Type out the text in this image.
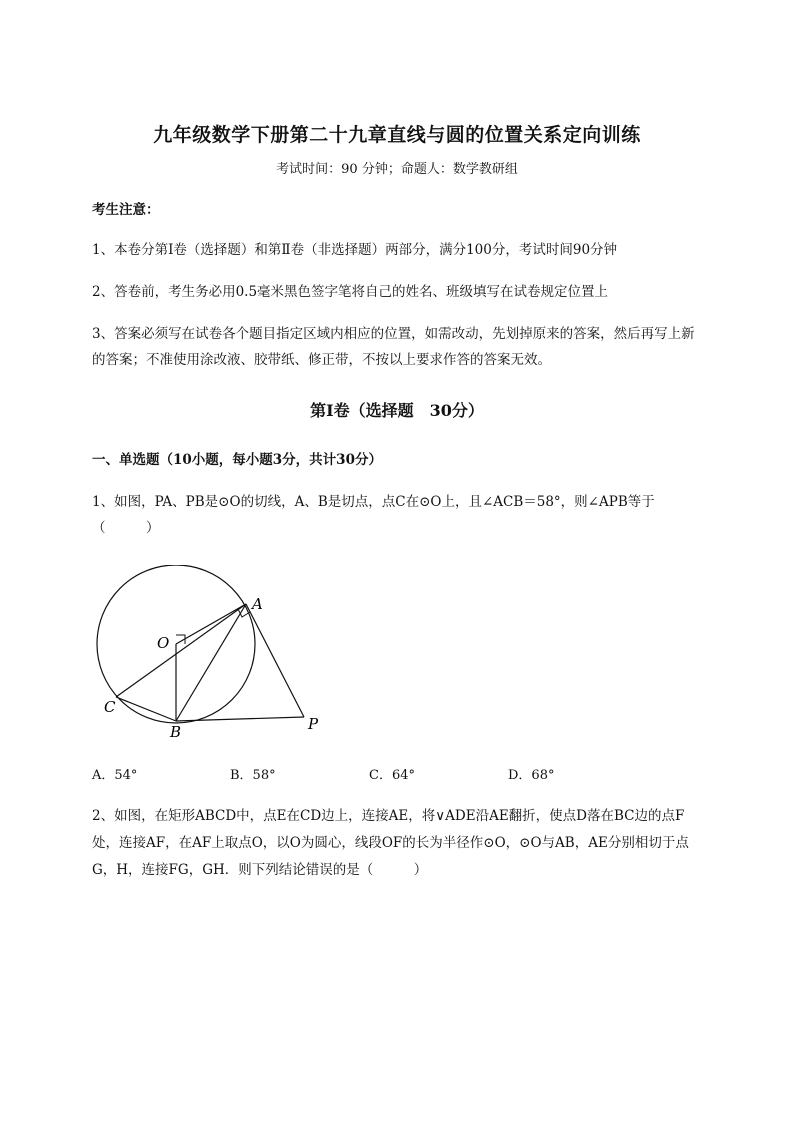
九年级数学下册第二十九章直线与圆的位置关系定向训练
考试时间：90 分钟；命题人：数学教研组
考生注意：
1、本卷分第Ⅰ卷（选择题）和第Ⅱ卷（非选择题）两部分，满分100分，考试时间90分钟
2、答卷前，考生务必用0.5毫米黑色签字笔将自己的姓名、班级填写在试卷规定位置上
3、答案必须写在试卷各个题目指定区域内相应的位置，如需改动，先划掉原来的答案，然后再写上新
的答案；不准使用涂改液、胶带纸、修正带，不按以上要求作答的答案无效。
第Ⅰ卷（选择题　30分）
一、单选题（10小题，每小题3分，共计30分）
1、如图，PA、PB是⊙O的切线，A、B是切点，点C在⊙O上，且∠ACB＝58°，则∠APB等于
（　　　）
A
O
C
B	P
A．54°	B．58°	C．64°	D．68°
2、如图，在矩形ABCD中，点E在CD边上，连接AE，将∨ADE沿AE翻折，使点D落在BC边的点F
处，连接AF，在AF上取点O，以O为圆心，线段OF的长为半径作⊙O，⊙O与AB，AE分别相切于点
G，H，连接FG，GH．则下列结论错误的是（　　　）
